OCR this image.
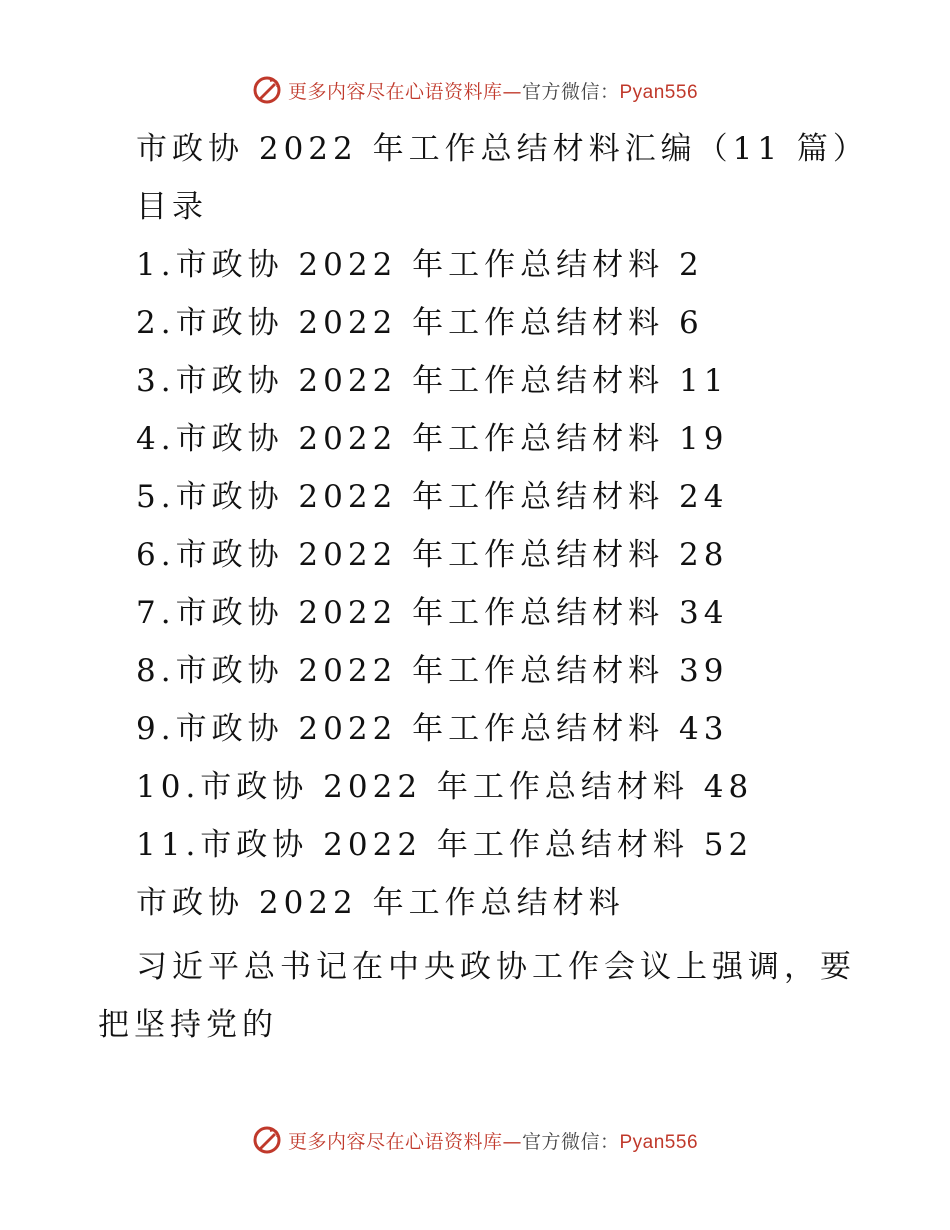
更多内容尽在心语资料库—官方微信：Pyan556
市政协 2022 年工作总结材料汇编（11 篇）
目录
1.市政协 2022 年工作总结材料 2
2.市政协 2022 年工作总结材料 6
3.市政协 2022 年工作总结材料 11
4.市政协 2022 年工作总结材料 19
5.市政协 2022 年工作总结材料 24
6.市政协 2022 年工作总结材料 28
7.市政协 2022 年工作总结材料 34
8.市政协 2022 年工作总结材料 39
9.市政协 2022 年工作总结材料 43
10.市政协 2022 年工作总结材料 48
11.市政协 2022 年工作总结材料 52
市政协 2022 年工作总结材料
习近平总书记在中央政协工作会议上强调，要把坚持党的
更多内容尽在心语资料库—官方微信：Pyan556
